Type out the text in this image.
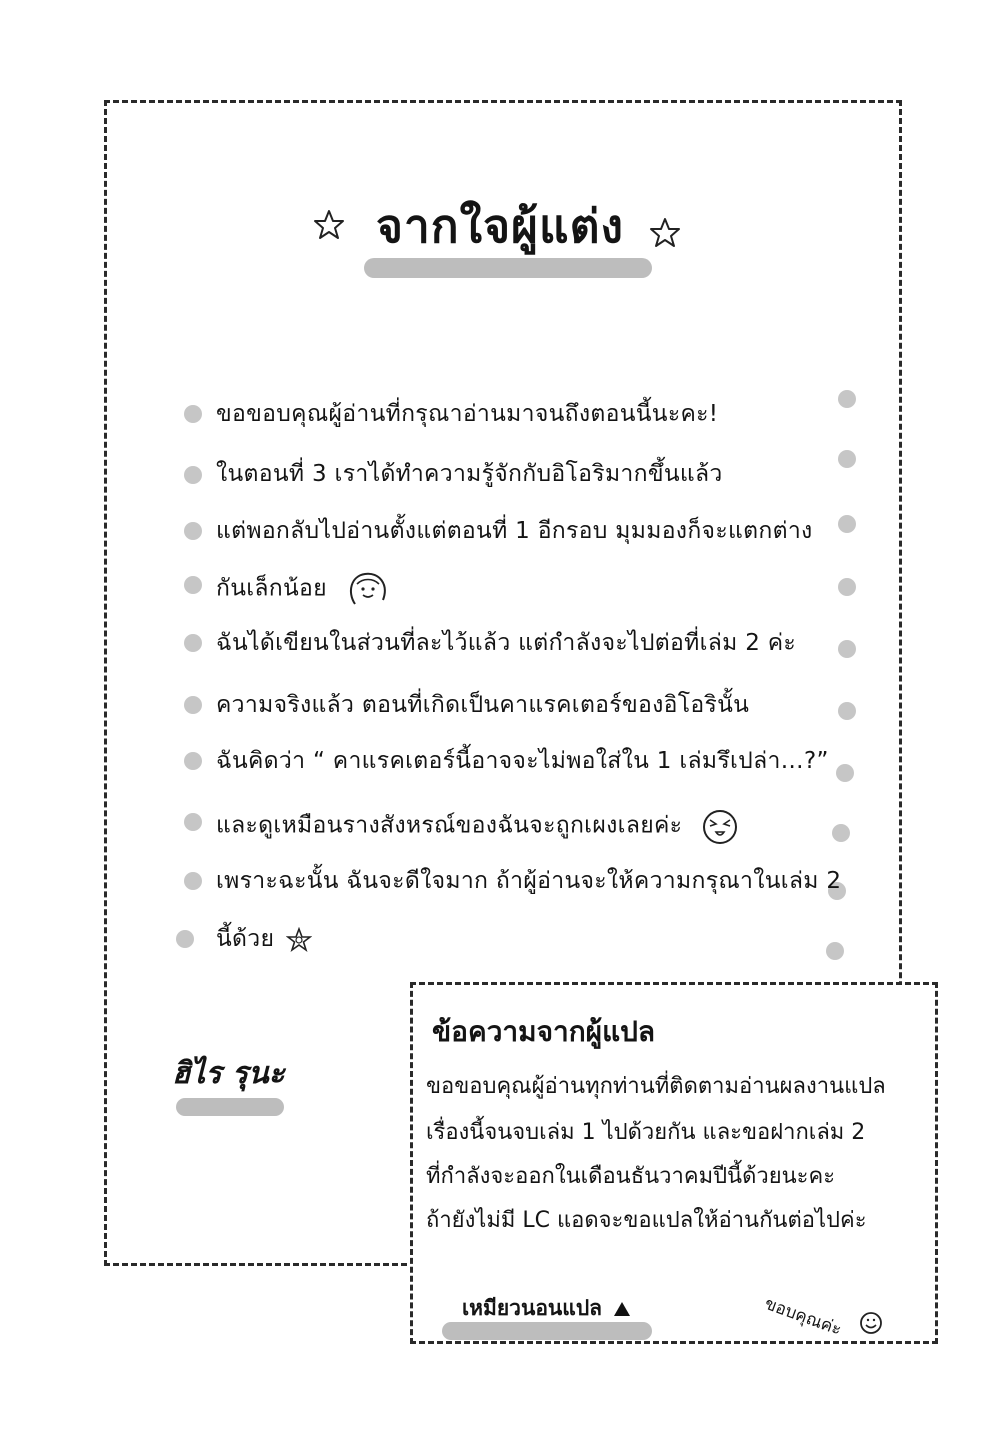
จากใจผู้แต่ง
ขอขอบคุณผู้อ่านที่กรุณาอ่านมาจนถึงตอนนี้นะคะ!
ในตอนที่ 3 เราได้ทำความรู้จักกับอิโอริมากขึ้นแล้ว
แต่พอกลับไปอ่านตั้งแต่ตอนที่ 1 อีกรอบ มุมมองก็จะแตกต่าง
กันเล็กน้อย
ฉันได้เขียนในส่วนที่ละไว้แล้ว แต่กำลังจะไปต่อที่เล่ม 2 ค่ะ
ความจริงแล้ว ตอนที่เกิดเป็นคาแรคเตอร์ของอิโอรินั้น
ฉันคิดว่า “ คาแรคเตอร์นี้อาจจะไม่พอใส่ใน 1 เล่มรึเปล่า…?”
และดูเหมือนรางสังหรณ์ของฉันจะถูกเผงเลยค่ะ
เพราะฉะนั้น ฉันจะดีใจมาก ถ้าผู้อ่านจะให้ความกรุณาในเล่ม 2
นี้ด้วย
ฮิไร รุนะ
ข้อความจากผู้แปล
ขอขอบคุณผู้อ่านทุกท่านที่ติดตามอ่านผลงานแปล
เรื่องนี้จนจบเล่ม 1 ไปด้วยกัน และขอฝากเล่ม 2
ที่กำลังจะออกในเดือนธันวาคมปีนี้ด้วยนะคะ
ถ้ายังไม่มี LC แอดจะขอแปลให้อ่านกันต่อไปค่ะ
เหมียวนอนแปล	ขอบคุณค่ะ
